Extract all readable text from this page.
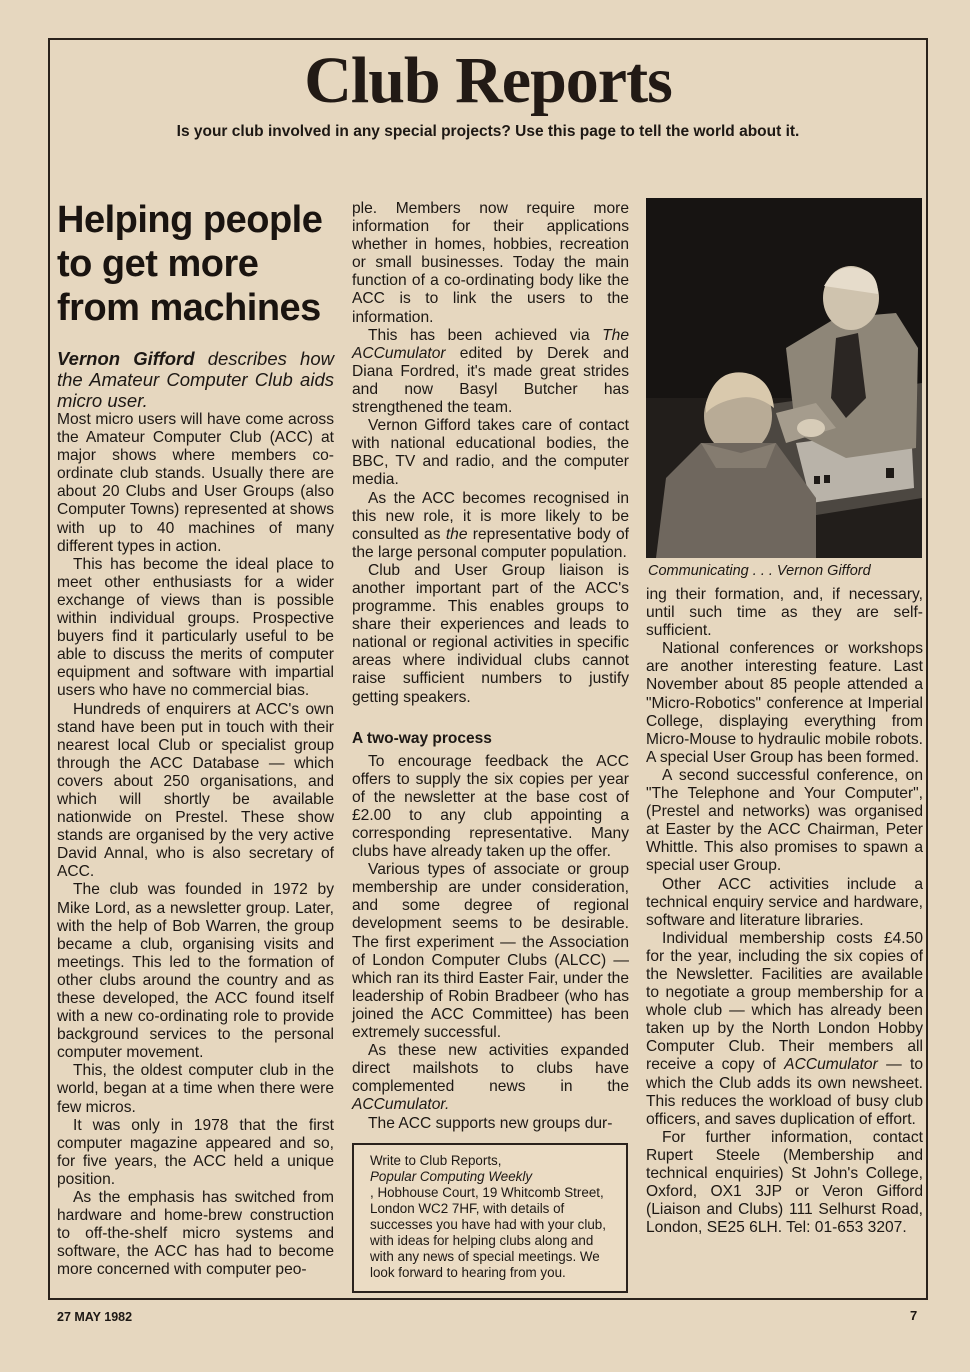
Club Reports

Is your club involved in any special projects? Use this page to tell the world about it.

Helping people
to get more
from machines

Vernon Gifford describes how the Amateur Computer Club aids micro user.

Most micro users will have come across the Amateur Computer Club (ACC) at major shows where members co-ordinate club stands. Usually there are about 20 Clubs and User Groups (also Computer Towns) represented at shows with up to 40 machines of many different types in action.

This has become the ideal place to meet other enthusiasts for a wider exchange of views than is possible within individual groups. Prospective buyers find it particularly useful to be able to discuss the merits of computer equipment and software with impartial users who have no commercial bias.

Hundreds of enquirers at ACC's own stand have been put in touch with their nearest local Club or specialist group through the ACC Database — which covers about 250 organisations, and which will shortly be available nationwide on Prestel. These show stands are organised by the very active David Annal, who is also secretary of ACC.

The club was founded in 1972 by Mike Lord, as a newsletter group. Later, with the help of Bob Warren, the group became a club, organising visits and meetings. This led to the formation of other clubs around the country and as these developed, the ACC found itself with a new co-ordinating role to provide background services to the personal computer movement.

This, the oldest computer club in the world, began at a time when there were few micros.

It was only in 1978 that the first computer magazine appeared and so, for five years, the ACC held a unique position.

As the emphasis has switched from hardware and home-brew construction to off-the-shelf micro systems and software, the ACC has had to become more concerned with computer peo-

ple. Members now require more information for their applications whether in homes, hobbies, recreation or small businesses. Today the main function of a co-ordinating body like the ACC is to link the users to the information.

This has been achieved via The ACCumulator edited by Derek and Diana Fordred, it's made great strides and now Basyl Butcher has strengthened the team.

Vernon Gifford takes care of contact with national educational bodies, the BBC, TV and radio, and the computer media.

As the ACC becomes recognised in this new role, it is more likely to be consulted as the representative body of the large personal computer population.

Club and User Group liaison is another important part of the ACC's programme. This enables groups to share their experiences and leads to national or regional activities in specific areas where individual clubs cannot raise sufficient numbers to justify getting speakers.

A two-way process

To encourage feedback the ACC offers to supply the six copies per year of the newsletter at the base cost of £2.00 to any club appointing a corresponding representative. Many clubs have already taken up the offer.

Various types of associate or group membership are under consideration, and some degree of regional development seems to be desirable. The first experiment — the Association of London Computer Clubs (ALCC) — which ran its third Easter Fair, under the leadership of Robin Bradbeer (who has joined the ACC Committee) has been extremely successful.

As these new activities expanded direct mailshots to clubs have complemented news in the ACCumulator.

The ACC supports new groups dur-

Write to Club Reports,
Popular Computing Weekly
, Hobhouse Court, 19 Whitcomb Street, London WC2 7HF, with details of successes you have had with your club, with ideas for helping clubs along and with any news of special meetings. We look forward to hearing from you.
Communicating . . . Vernon Gifford

ing their formation, and, if necessary, until such time as they are self-sufficient.

National conferences or workshops are another interesting feature. Last November about 85 people attended a "Micro-Robotics" conference at Imperial College, displaying everything from Micro-Mouse to hydraulic mobile robots. A special User Group has been formed.

A second successful conference, on "The Telephone and Your Computer", (Prestel and networks) was organised at Easter by the ACC Chairman, Peter Whittle. This also promises to spawn a special user Group.

Other ACC activities include a technical enquiry service and hardware, software and literature libraries.

Individual membership costs £4.50 for the year, including the six copies of the Newsletter. Facilities are available to negotiate a group membership for a whole club — which has already been taken up by the North London Hobby Computer Club. Their members all receive a copy of ACCumulator — to which the Club adds its own newsheet. This reduces the workload of busy club officers, and saves duplication of effort.

For further information, contact Rupert Steele (Membership and technical enquiries) St John's College, Oxford, OX1 3JP or Veron Gifford (Liaison and Clubs) 111 Selhurst Road, London, SE25 6LH. Tel: 01-653 3207.

27 MAY 1982	7
